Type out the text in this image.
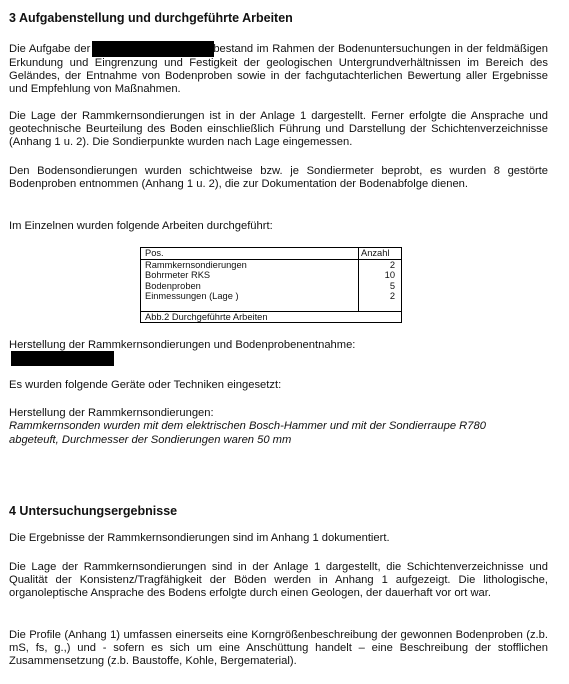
3 Aufgabenstellung und durchgeführte Arbeiten

Die Aufgabe der	bestand im Rahmen der Bodenuntersuchungen in der feldmäßigen Erkundung und Eingrenzung und Festigkeit der geologischen Untergrundverhältnissen im Bereich des Geländes, der Entnahme von Bodenproben sowie in der fachgutachterlichen Bewertung aller Ergebnisse und Empfehlung von Maßnahmen.

Die Lage der Rammkernsondierungen ist in der Anlage 1 dargestellt. Ferner erfolgte die Ansprache und geotechnische Beurteilung des Boden einschließlich Führung und Darstellung der Schichtenverzeichnisse (Anhang 1 u. 2). Die Sondierpunkte wurden nach Lage eingemessen.

Den Bodensondierungen wurden schichtweise bzw. je Sondiermeter beprobt, es wurden 8 gestörte Bodenproben entnommen (Anhang 1 u. 2), die zur Dokumentation der Bodenabfolge dienen.

Im Einzelnen wurden folgende Arbeiten durchgeführt:

Pos.	Anzahl
Rammkernsondierungen	2
Bohrmeter RKS	10
Bodenproben	5
Einmessungen (Lage )	2

Abb.2 Durchgeführte Arbeiten	

Herstellung der Rammkernsondierungen und Bodenprobenentnahme:

Es wurden folgende Geräte oder Techniken eingesetzt:

Herstellung der Rammkernsondierungen:

Rammkernsonden wurden mit dem elektrischen Bosch-Hammer und mit der Sondierraupe R780

abgeteuft, Durchmesser der Sondierungen waren 50 mm

4 Untersuchungsergebnisse

Die Ergebnisse der Rammkernsondierungen sind im Anhang 1 dokumentiert.

Die Lage der Rammkernsondierungen sind in der Anlage 1 dargestellt, die Schichtenverzeichnisse und Qualität der Konsistenz/Tragfähigkeit der Böden werden in Anhang 1 aufgezeigt. Die lithologische, organoleptische Ansprache des Bodens erfolgte durch einen Geologen, der dauerhaft vor ort war.

Die Profile (Anhang 1) umfassen einerseits eine Korngrößenbeschreibung der gewonnen Bodenproben (z.b. mS, fs, g.,) und - sofern es sich um eine Anschüttung handelt – eine Beschreibung der stofflichen Zusammensetzung (z.b. Baustoffe, Kohle, Bergematerial).
